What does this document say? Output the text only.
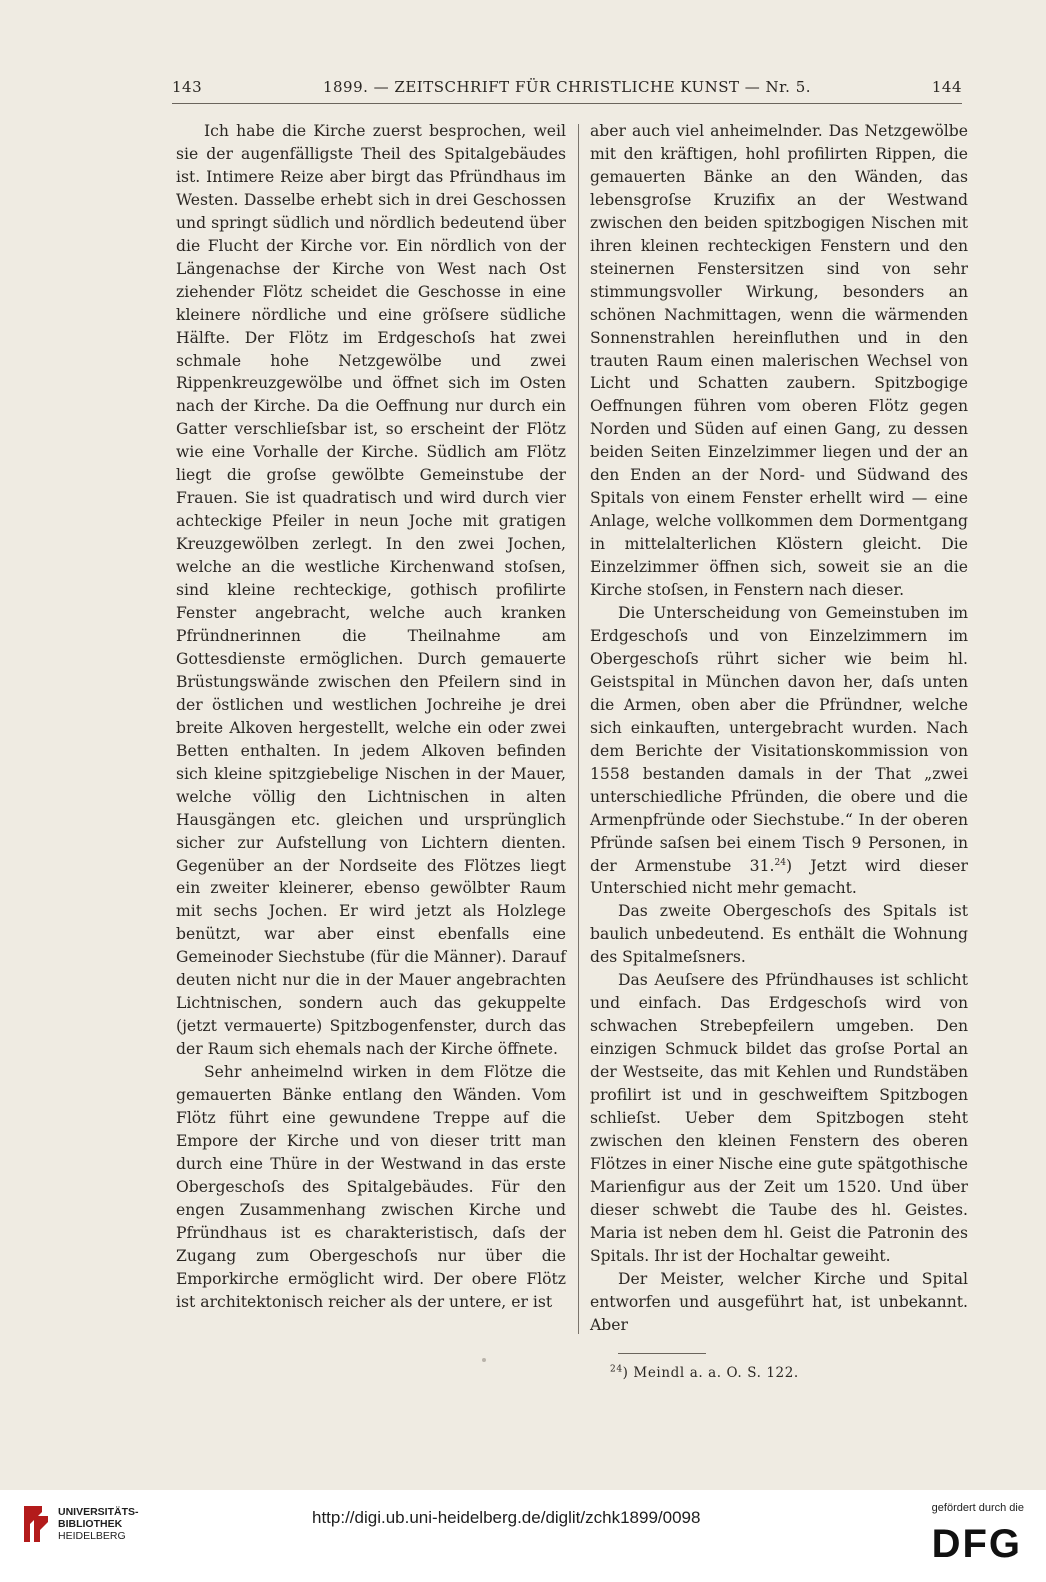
143	1899. — ZEITSCHRIFT FÜR CHRISTLICHE KUNST — Nr. 5.	144

Ich habe die Kirche zuerst besprochen, weil sie der augenfälligste Theil des Spitalgebäudes ist. Intimere Reize aber birgt das Pfründhaus im Westen. Dasselbe erhebt sich in drei Geschossen und springt südlich und nördlich bedeutend über die Flucht der Kirche vor. Ein nördlich von der Längenachse der Kirche von West nach Ost ziehender Flötz scheidet die Geschosse in eine kleinere nördliche und eine gröſsere südliche Hälfte. Der Flötz im Erdgeschoſs hat zwei schmale hohe Netzgewölbe und zwei Rippenkreuzgewölbe und öffnet sich im Osten nach der Kirche. Da die Oeffnung nur durch ein Gatter verschlieſsbar ist, so erscheint der Flötz wie eine Vorhalle der Kirche. Südlich am Flötz liegt die groſse gewölbte Gemeinstube der Frauen. Sie ist quadratisch und wird durch vier achteckige Pfeiler in neun Joche mit gratigen Kreuzgewölben zerlegt. In den zwei Jochen, welche an die westliche Kirchenwand stoſsen, sind kleine rechteckige, gothisch profilirte Fenster angebracht, welche auch kranken Pfründnerinnen die Theilnahme am Gottesdienste ermöglichen. Durch gemauerte Brüstungswände zwischen den Pfeilern sind in der östlichen und westlichen Jochreihe je drei breite Alkoven hergestellt, welche ein oder zwei Betten enthalten. In jedem Alkoven befinden sich kleine spitzgiebelige Nischen in der Mauer, welche völlig den Lichtnischen in alten Hausgängen etc. gleichen und ursprünglich sicher zur Aufstellung von Lichtern dienten. Gegenüber an der Nordseite des Flötzes liegt ein zweiter kleinerer, ebenso gewölbter Raum mit sechs Jochen. Er wird jetzt als Holzlege benützt, war aber einst ebenfalls eine Gemeinoder Siechstube (für die Männer). Darauf deuten nicht nur die in der Mauer angebrachten Lichtnischen, sondern auch das gekuppelte (jetzt vermauerte) Spitzbogenfenster, durch das der Raum sich ehemals nach der Kirche öffnete.

Sehr anheimelnd wirken in dem Flötze die gemauerten Bänke entlang den Wänden. Vom Flötz führt eine gewundene Treppe auf die Empore der Kirche und von dieser tritt man durch eine Thüre in der Westwand in das erste Obergeschoſs des Spitalgebäudes. Für den engen Zusammenhang zwischen Kirche und Pfründhaus ist es charakteristisch, daſs der Zugang zum Obergeschoſs nur über die Emporkirche ermöglicht wird. Der obere Flötz ist architektonisch reicher als der untere, er ist

aber auch viel anheimelnder. Das Netzgewölbe mit den kräftigen, hohl profilirten Rippen, die gemauerten Bänke an den Wänden, das lebensgroſse Kruzifix an der Westwand zwischen den beiden spitzbogigen Nischen mit ihren kleinen rechteckigen Fenstern und den steinernen Fenstersitzen sind von sehr stimmungsvoller Wirkung, besonders an schönen Nachmittagen, wenn die wärmenden Sonnenstrahlen hereinfluthen und in den trauten Raum einen malerischen Wechsel von Licht und Schatten zaubern. Spitzbogige Oeffnungen führen vom oberen Flötz gegen Norden und Süden auf einen Gang, zu dessen beiden Seiten Einzelzimmer liegen und der an den Enden an der Nord- und Südwand des Spitals von einem Fenster erhellt wird — eine Anlage, welche vollkommen dem Dormentgang in mittelalterlichen Klöstern gleicht. Die Einzelzimmer öffnen sich, soweit sie an die Kirche stoſsen, in Fenstern nach dieser.

Die Unterscheidung von Gemeinstuben im Erdgeschoſs und von Einzelzimmern im Obergeschoſs rührt sicher wie beim hl. Geistspital in München davon her, daſs unten die Armen, oben aber die Pfründner, welche sich einkauften, untergebracht wurden. Nach dem Berichte der Visitationskommission von 1558 bestanden damals in der That „zwei unterschiedliche Pfründen, die obere und die Armenpfründe oder Siechstube.“ In der oberen Pfründe saſsen bei einem Tisch 9 Personen, in der Armenstube 31.24) Jetzt wird dieser Unterschied nicht mehr gemacht.

Das zweite Obergeschoſs des Spitals ist baulich unbedeutend. Es enthält die Wohnung des Spitalmeſsners.

Das Aeuſsere des Pfründhauses ist schlicht und einfach. Das Erdgeschoſs wird von schwachen Strebepfeilern umgeben. Den einzigen Schmuck bildet das groſse Portal an der Westseite, das mit Kehlen und Rundstäben profilirt ist und in geschweiftem Spitzbogen schlieſst. Ueber dem Spitzbogen steht zwischen den kleinen Fenstern des oberen Flötzes in einer Nische eine gute spätgothische Marienfigur aus der Zeit um 1520. Und über dieser schwebt die Taube des hl. Geistes. Maria ist neben dem hl. Geist die Patronin des Spitals. Ihr ist der Hochaltar geweiht.

Der Meister, welcher Kirche und Spital entworfen und ausgeführt hat, ist unbekannt. Aber

$^{24}$) Meindl a. a. O. S. 122.
UNIVERSITÄTS-
BIBLIOTHEK
HEIDELBERG
http://digi.ub.uni-heidelberg.de/diglit/zchk1899/0098	gefördert durch die
DFG
